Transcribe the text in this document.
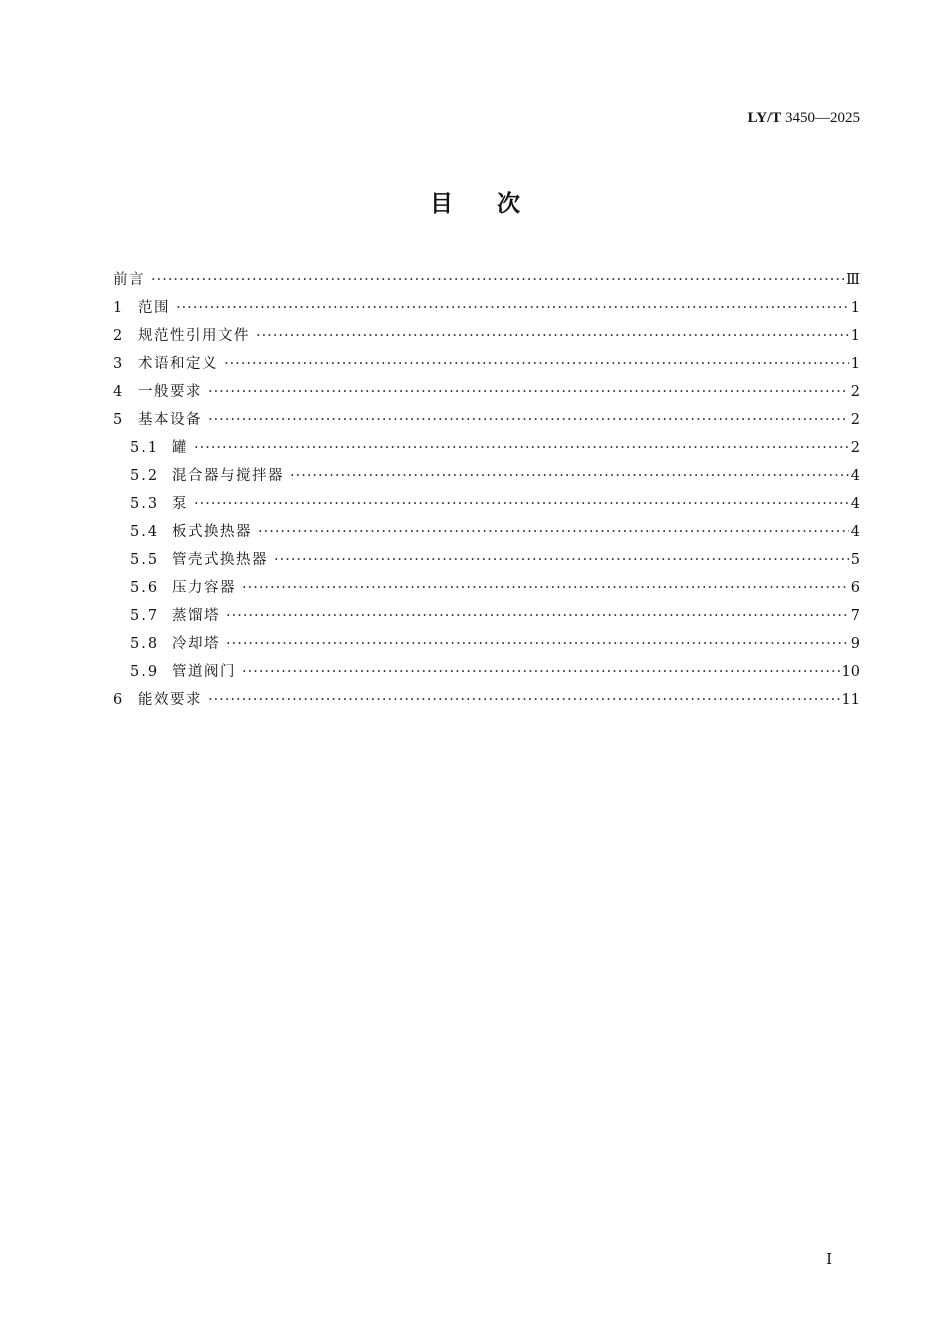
LY/T 3450—2025
目次
前言 ·····	Ⅲ
1	范围 ·····	1
2	规范性引用文件 ·····	1
3	术语和定义 ·····	1
4	一般要求 ·····	2
5	基本设备 ·····	2
5.1 罐 ·····	2
5.2 混合器与搅拌器 ·····	4
5.3 泵 ·····	4
5.4 板式换热器 ·····	4
5.5 管壳式换热器 ·····	5
5.6 压力容器 ·····	6
5.7 蒸馏塔 ·····	7
5.8 冷却塔 ·····	9
5.9 管道阀门 ·····	10
6	能效要求 ·····	11
I
